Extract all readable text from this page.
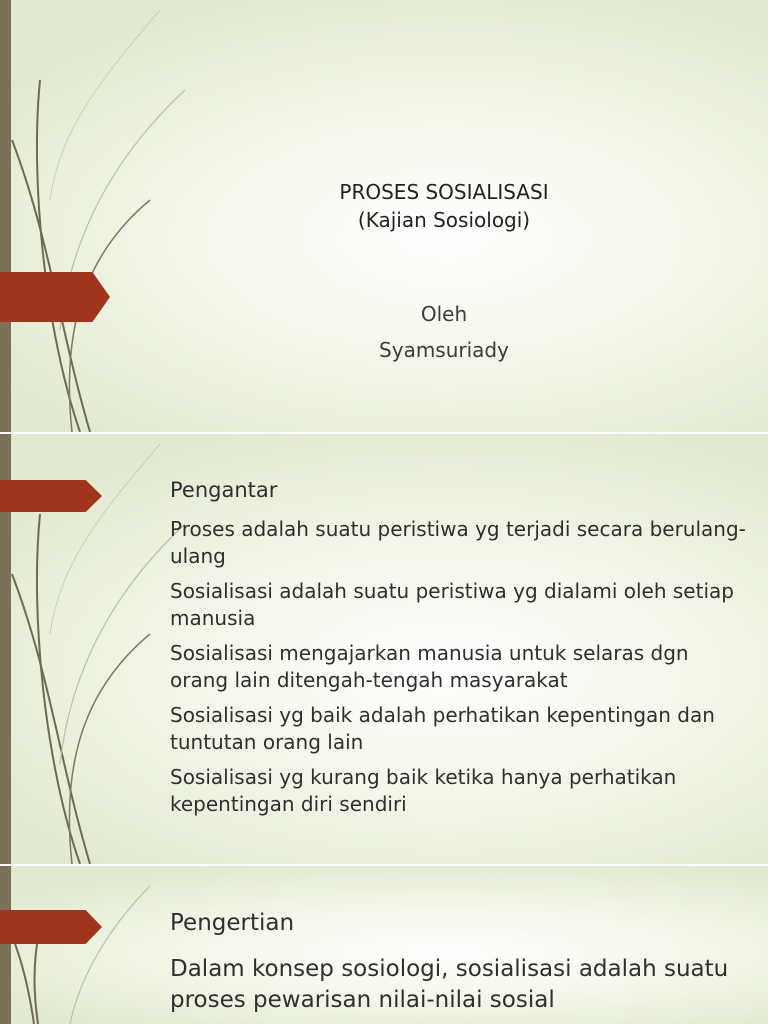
PROSES SOSIALISASI
(Kajian Sosiologi)
Oleh
Syamsuriady
Pengantar
Proses adalah suatu peristiwa yg terjadi secara berulang-ulang
Sosialisasi adalah suatu peristiwa yg dialami oleh setiap manusia
Sosialisasi mengajarkan manusia untuk selaras dgn orang lain ditengah-tengah masyarakat
Sosialisasi yg baik adalah perhatikan kepentingan dan tuntutan orang lain
Sosialisasi yg kurang baik ketika hanya perhatikan kepentingan diri sendiri
Pengertian
Dalam konsep sosiologi, sosialisasi adalah suatu proses pewarisan nilai-nilai sosial
